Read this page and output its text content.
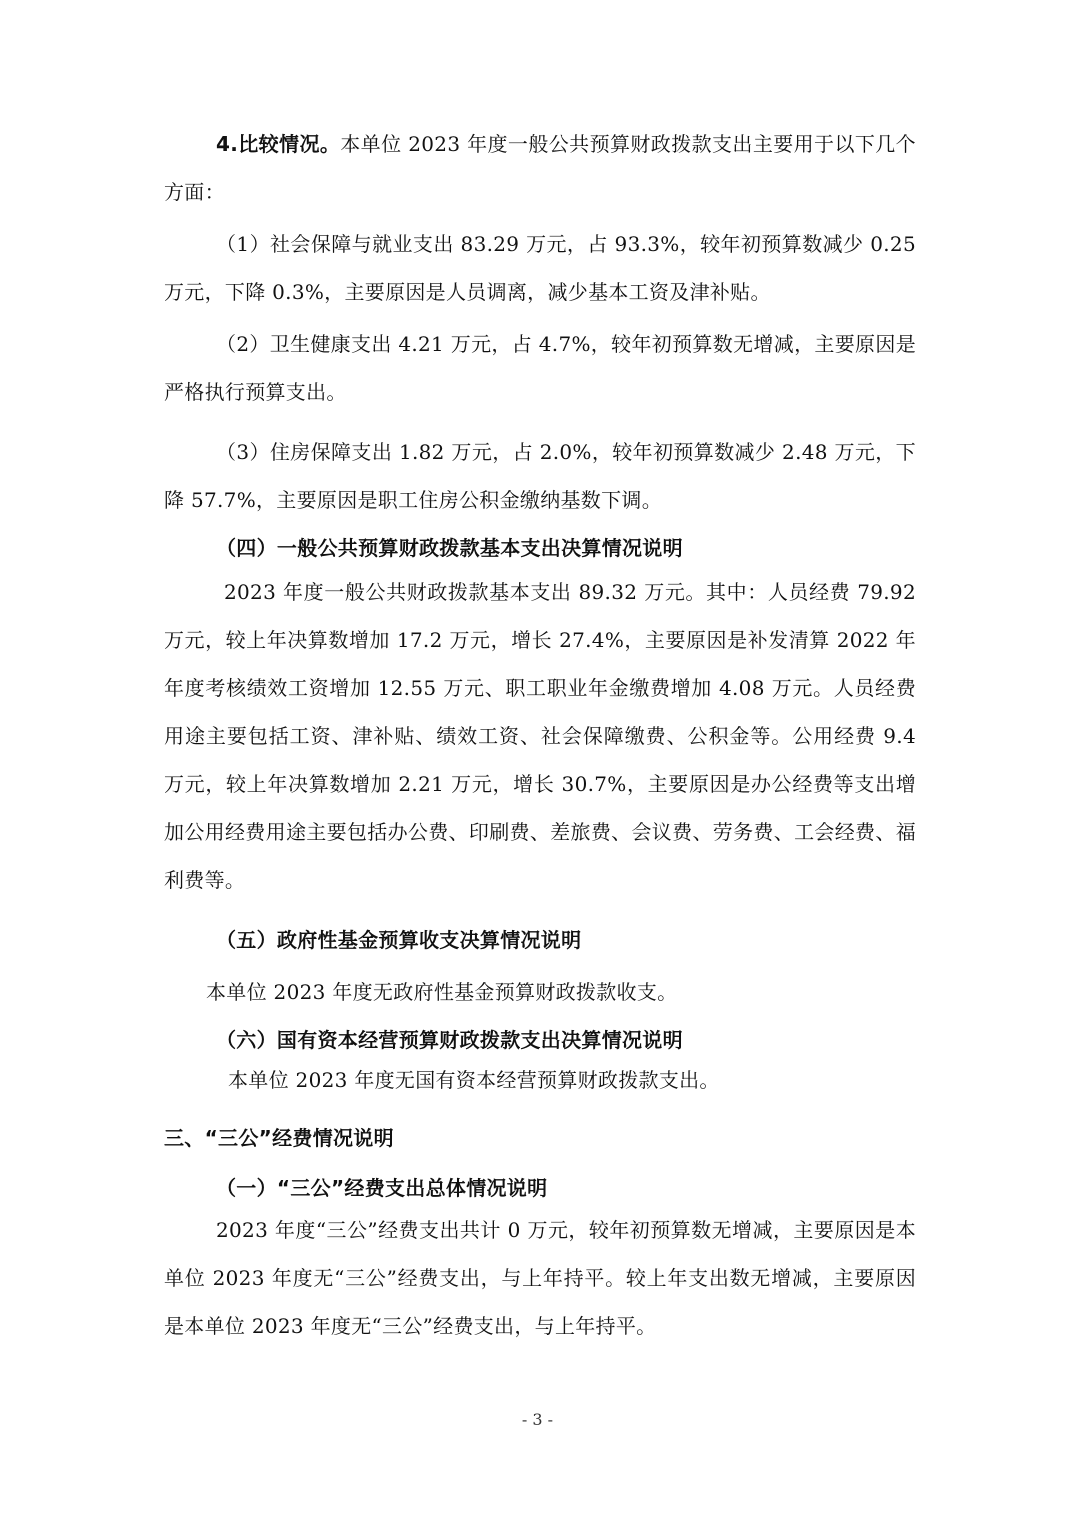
4.比较情况。本单位 2023 年度一般公共预算财政拨款支出主要用于以下几个方面：

（1）社会保障与就业支出 83.29 万元，占 93.3%，较年初预算数减少 0.25 万元，下降 0.3%，主要原因是人员调离，减少基本工资及津补贴。

（2）卫生健康支出 4.21 万元，占 4.7%，较年初预算数无增减，主要原因是严格执行预算支出。

（3）住房保障支出 1.82 万元，占 2.0%，较年初预算数减少 2.48 万元，下降 57.7%，主要原因是职工住房公积金缴纳基数下调。

（四）一般公共预算财政拨款基本支出决算情况说明

2023 年度一般公共财政拨款基本支出 89.32 万元。其中：人员经费 79.92 万元，较上年决算数增加 17.2 万元，增长 27.4%，主要原因是补发清算 2022 年年度考核绩效工资增加 12.55 万元、职工职业年金缴费增加 4.08 万元。人员经费用途主要包括工资、津补贴、绩效工资、社会保障缴费、公积金等。公用经费 9.4 万元，较上年决算数增加 2.21 万元，增长 30.7%，主要原因是办公经费等支出增加公用经费用途主要包括办公费、印刷费、差旅费、会议费、劳务费、工会经费、福利费等。

（五）政府性基金预算收支决算情况说明

本单位 2023 年度无政府性基金预算财政拨款收支。

（六）国有资本经营预算财政拨款支出决算情况说明

本单位 2023 年度无国有资本经营预算财政拨款支出。

三、“三公”经费情况说明
（一）“三公”经费支出总体情况说明

2023 年度“三公”经费支出共计 0 万元，较年初预算数无增减，主要原因是本单位 2023 年度无“三公”经费支出，与上年持平。较上年支出数无增减，主要原因是本单位 2023 年度无“三公”经费支出，与上年持平。

- 3 -
